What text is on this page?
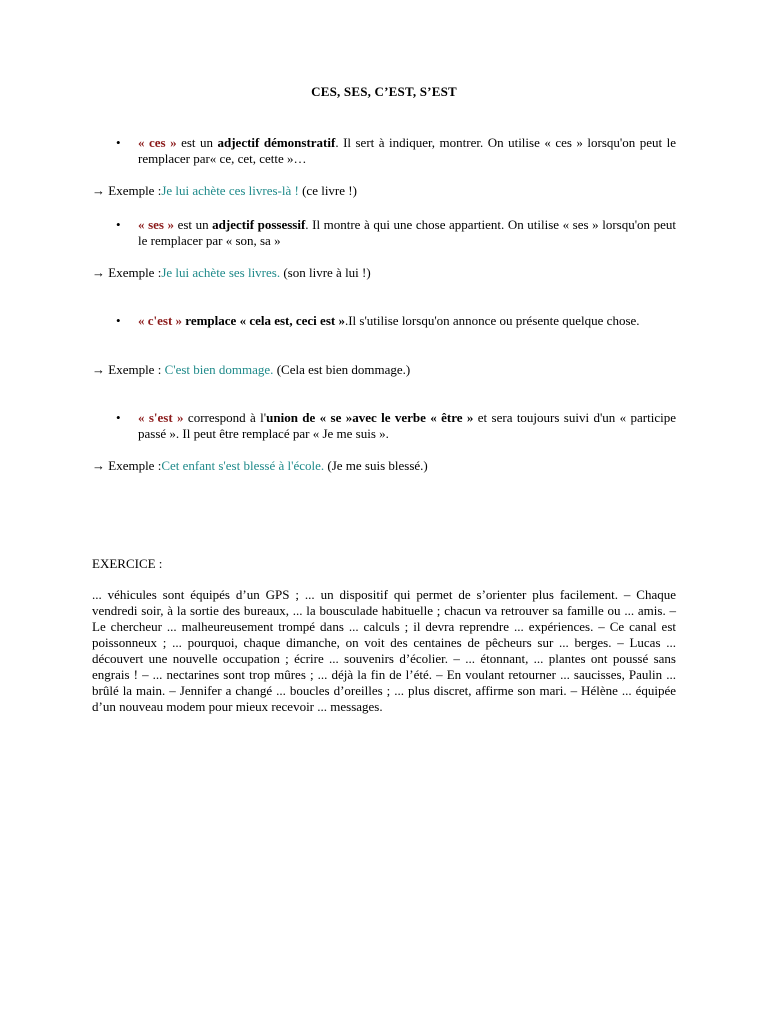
CES, SES, C’EST, S’EST
• « ces » est un adjectif démonstratif. Il sert à indiquer, montrer. On utilise « ces » lorsqu'on peut le remplacer par« ce, cet, cette »…
→ Exemple :Je lui achète ces livres-là ! (ce livre !)
• « ses » est un adjectif possessif. Il montre à qui une chose appartient. On utilise « ses » lorsqu'on peut le remplacer par « son, sa »
→ Exemple :Je lui achète ses livres. (son livre à lui !)
• « c'est » remplace « cela est, ceci est ».Il s'utilise lorsqu'on annonce ou présente quelque chose.
→ Exemple : C'est bien dommage. (Cela est bien dommage.)
• « s'est » correspond à l'union de « se »avec le verbe « être » et sera toujours suivi d'un « participe passé ». Il peut être remplacé par « Je me suis ».
→ Exemple :Cet enfant s'est blessé à l'école. (Je me suis blessé.)
EXERCICE :
... véhicules sont équipés d’un GPS ; ... un dispositif qui permet de s’orienter plus facilement. – Chaque vendredi soir, à la sortie des bureaux, ... la bousculade habituelle ; chacun va retrouver sa famille ou ... amis. – Le chercheur ... malheureusement trompé dans ... calculs ; il devra reprendre ... expériences. – Ce canal est poissonneux ; ... pourquoi, chaque dimanche, on voit des centaines de pêcheurs sur ... berges. – Lucas ... découvert une nouvelle occupation ; écrire ... souvenirs d’écolier. – ... étonnant, ... plantes ont poussé sans engrais ! – ... nectarines sont trop mûres ; ... déjà la fin de l’été. – En voulant retourner ... saucisses, Paulin ... brûlé la main. – Jennifer a changé ... boucles d’oreilles ; ... plus discret, affirme son mari. – Hélène ... équipée d’un nouveau modem pour mieux recevoir ... messages.
